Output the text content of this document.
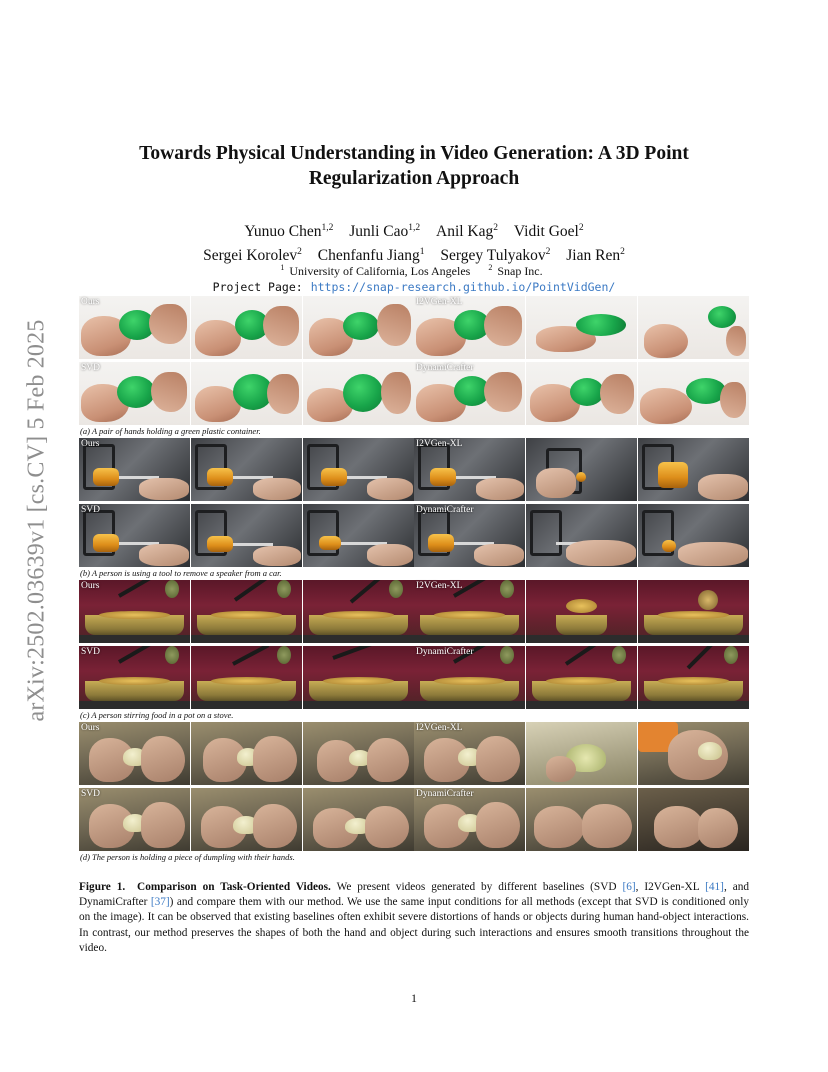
arXiv:2502.03639v1 [cs.CV] 5 Feb 2025
Towards Physical Understanding in Video Generation: A 3D Point
Regularization Approach
Yunuo Chen$^{1,2}$ Junli Cao$^{1,2}$ Anil Kag$^2$ Vidit Goel$^2$
Sergei Korolev$^2$ Chenfanfu Jiang$^1$ Sergey Tulyakov$^2$ Jian Ren$^2$
$^1$ University of California, Los Angeles $^2$ Snap Inc.
Project Page: https://snap-research.github.io/PointVidGen/
Ours	I2VGen-XL
SVD	DynamiCrafter
(a) A pair of hands holding a green plastic container.
Ours	I2VGen-XL
SVD	DynamiCrafter
(b) A person is using a tool to remove a speaker from a car.
Ours	I2VGen-XL
SVD	DynamiCrafter
(c) A person stirring food in a pot on a stove.
Ours	I2VGen-XL
SVD	DynamiCrafter
(d) The person is holding a piece of dumpling with their hands.
Figure 1. Comparison on Task-Oriented Videos. We present videos generated by different baselines (SVD [6], I2VGen-XL [41], and DynamiCrafter [37]) and compare them with our method. We use the same input conditions for all methods (except that SVD is conditioned only on the image). It can be observed that existing baselines often exhibit severe distortions of hands or objects during human hand-object interactions. In contrast, our method preserves the shapes of both the hand and object during such interactions and ensures smooth transitions throughout the video.
1
